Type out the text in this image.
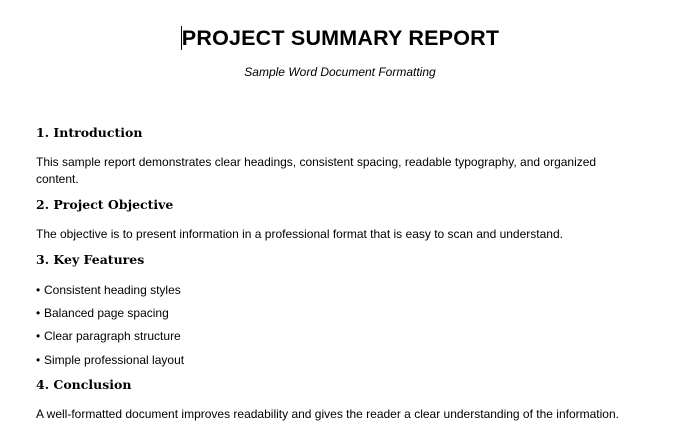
PROJECT SUMMARY REPORT
Sample Word Document Formatting
1. Introduction
This sample report demonstrates clear headings, consistent spacing, readable typography, and organized content.
2. Project Objective
The objective is to present information in a professional format that is easy to scan and understand.
3. Key Features
• Consistent heading styles
• Balanced page spacing
• Clear paragraph structure
• Simple professional layout
4. Conclusion
A well-formatted document improves readability and gives the reader a clear understanding of the information.
